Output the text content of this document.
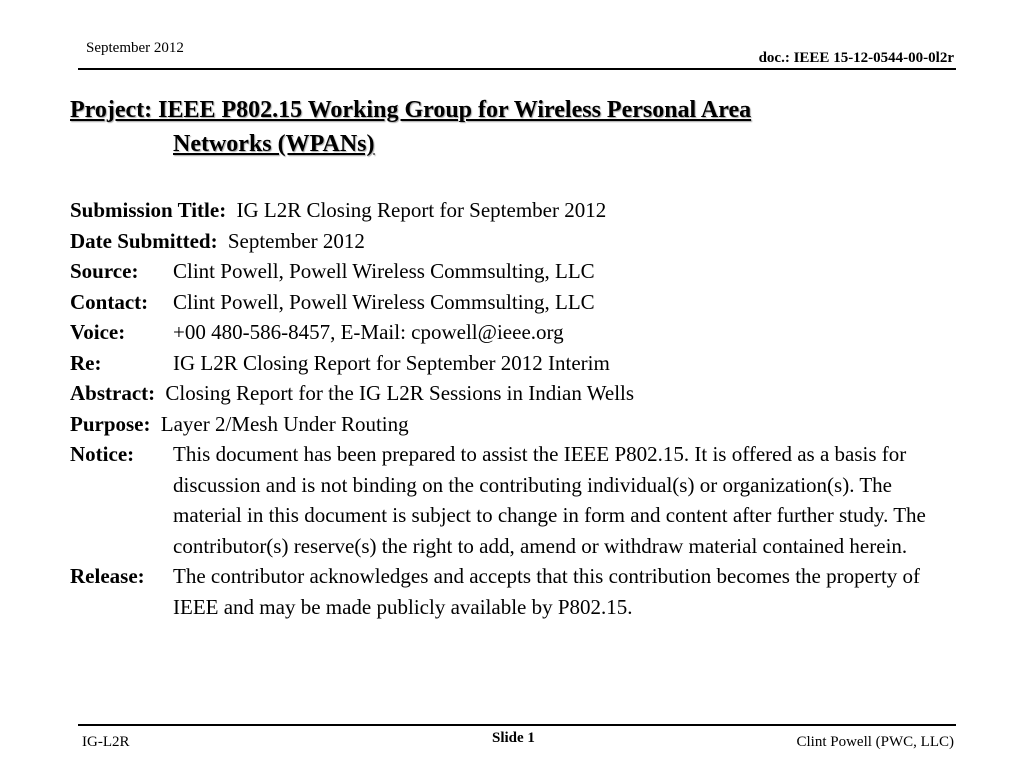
September 2012
doc.: IEEE 15-12-0544-00-0l2r
Project: IEEE P802.15 Working Group for Wireless Personal Area
Networks (WPANs)
Submission Title: IG L2R Closing Report for September 2012
Date Submitted: September 2012
Source: Clint Powell, Powell Wireless Commsulting, LLC
Contact: Clint Powell, Powell Wireless Commsulting, LLC
Voice: +00 480-586-8457, E-Mail: cpowell@ieee.org
Re:	IG L2R Closing Report for September 2012 Interim
Abstract: Closing Report for the IG L2R Sessions in Indian Wells
Purpose: Layer 2/Mesh Under Routing
Notice:	This document has been prepared to assist the IEEE P802.15. It is offered as a basis for discussion and is not binding on the contributing individual(s) or organization(s). The material in this document is subject to change in form and content after further study. The contributor(s) reserve(s) the right to add, amend or withdraw material contained herein.
Release:	The contributor acknowledges and accepts that this contribution becomes the property of IEEE and may be made publicly available by P802.15.
IG-L2R	Slide 1	Clint Powell (PWC, LLC)
